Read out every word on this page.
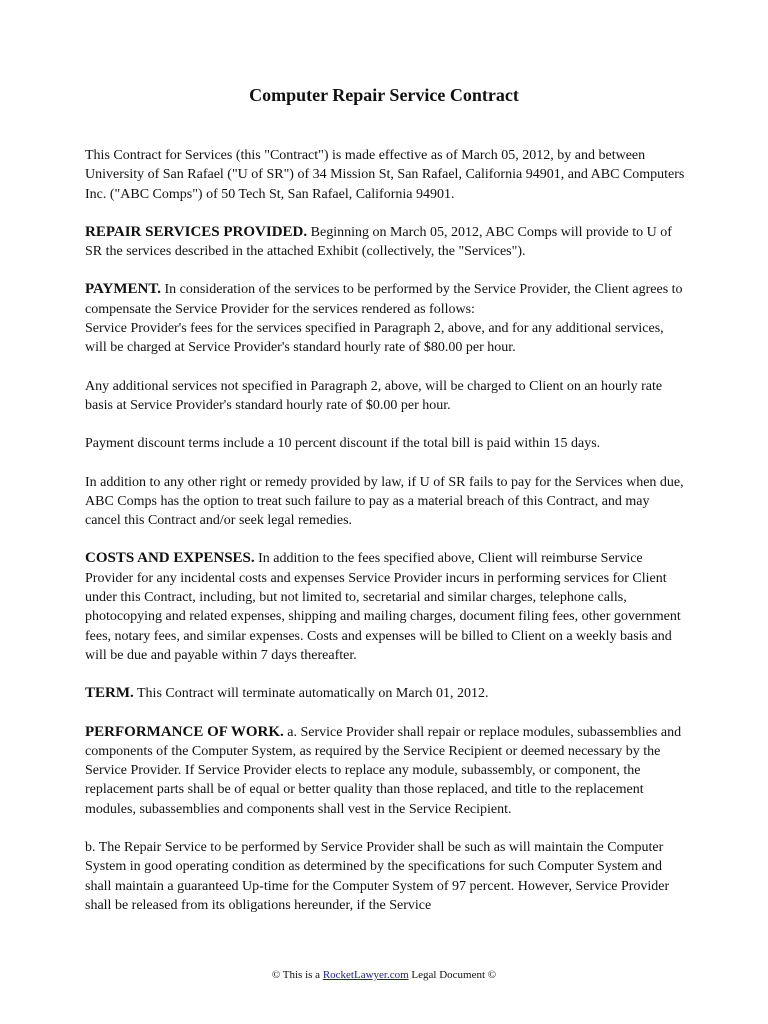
Computer Repair Service Contract

This Contract for Services (this "Contract") is made effective as of March 05, 2012, by and between University of San Rafael ("U of SR") of 34 Mission St, San Rafael, California 94901, and ABC Computers Inc. ("ABC Comps") of 50 Tech St, San Rafael, California 94901.

REPAIR SERVICES PROVIDED. Beginning on March 05, 2012, ABC Comps will provide to U of SR the services described in the attached Exhibit (collectively, the "Services").

PAYMENT. In consideration of the services to be performed by the Service Provider, the Client agrees to compensate the Service Provider for the services rendered as follows:

Service Provider's fees for the services specified in Paragraph 2, above, and for any additional services, will be charged at Service Provider's standard hourly rate of $80.00 per hour.

Any additional services not specified in Paragraph 2, above, will be charged to Client on an hourly rate basis at Service Provider's standard hourly rate of $0.00 per hour.

Payment discount terms include a 10 percent discount if the total bill is paid within 15 days.

In addition to any other right or remedy provided by law, if U of SR fails to pay for the Services when due, ABC Comps has the option to treat such failure to pay as a material breach of this Contract, and may cancel this Contract and/or seek legal remedies.

COSTS AND EXPENSES. In addition to the fees specified above, Client will reimburse Service Provider for any incidental costs and expenses Service Provider incurs in performing services for Client under this Contract, including, but not limited to, secretarial and similar charges, telephone calls, photocopying and related expenses, shipping and mailing charges, document filing fees, other government fees, notary fees, and similar expenses. Costs and expenses will be billed to Client on a weekly basis and will be due and payable within 7 days thereafter.

TERM. This Contract will terminate automatically on March 01, 2012.

PERFORMANCE OF WORK. a. Service Provider shall repair or replace modules, subassemblies and components of the Computer System, as required by the Service Recipient or deemed necessary by the Service Provider. If Service Provider elects to replace any module, subassembly, or component, the replacement parts shall be of equal or better quality than those replaced, and title to the replacement modules, subassemblies and components shall vest in the Service Recipient.

b. The Repair Service to be performed by Service Provider shall be such as will maintain the Computer System in good operating condition as determined by the specifications for such Computer System and shall maintain a guaranteed Up-time for the Computer System of 97 percent. However, Service Provider shall be released from its obligations hereunder, if the Service

© This is a RocketLawyer.com Legal Document ©
